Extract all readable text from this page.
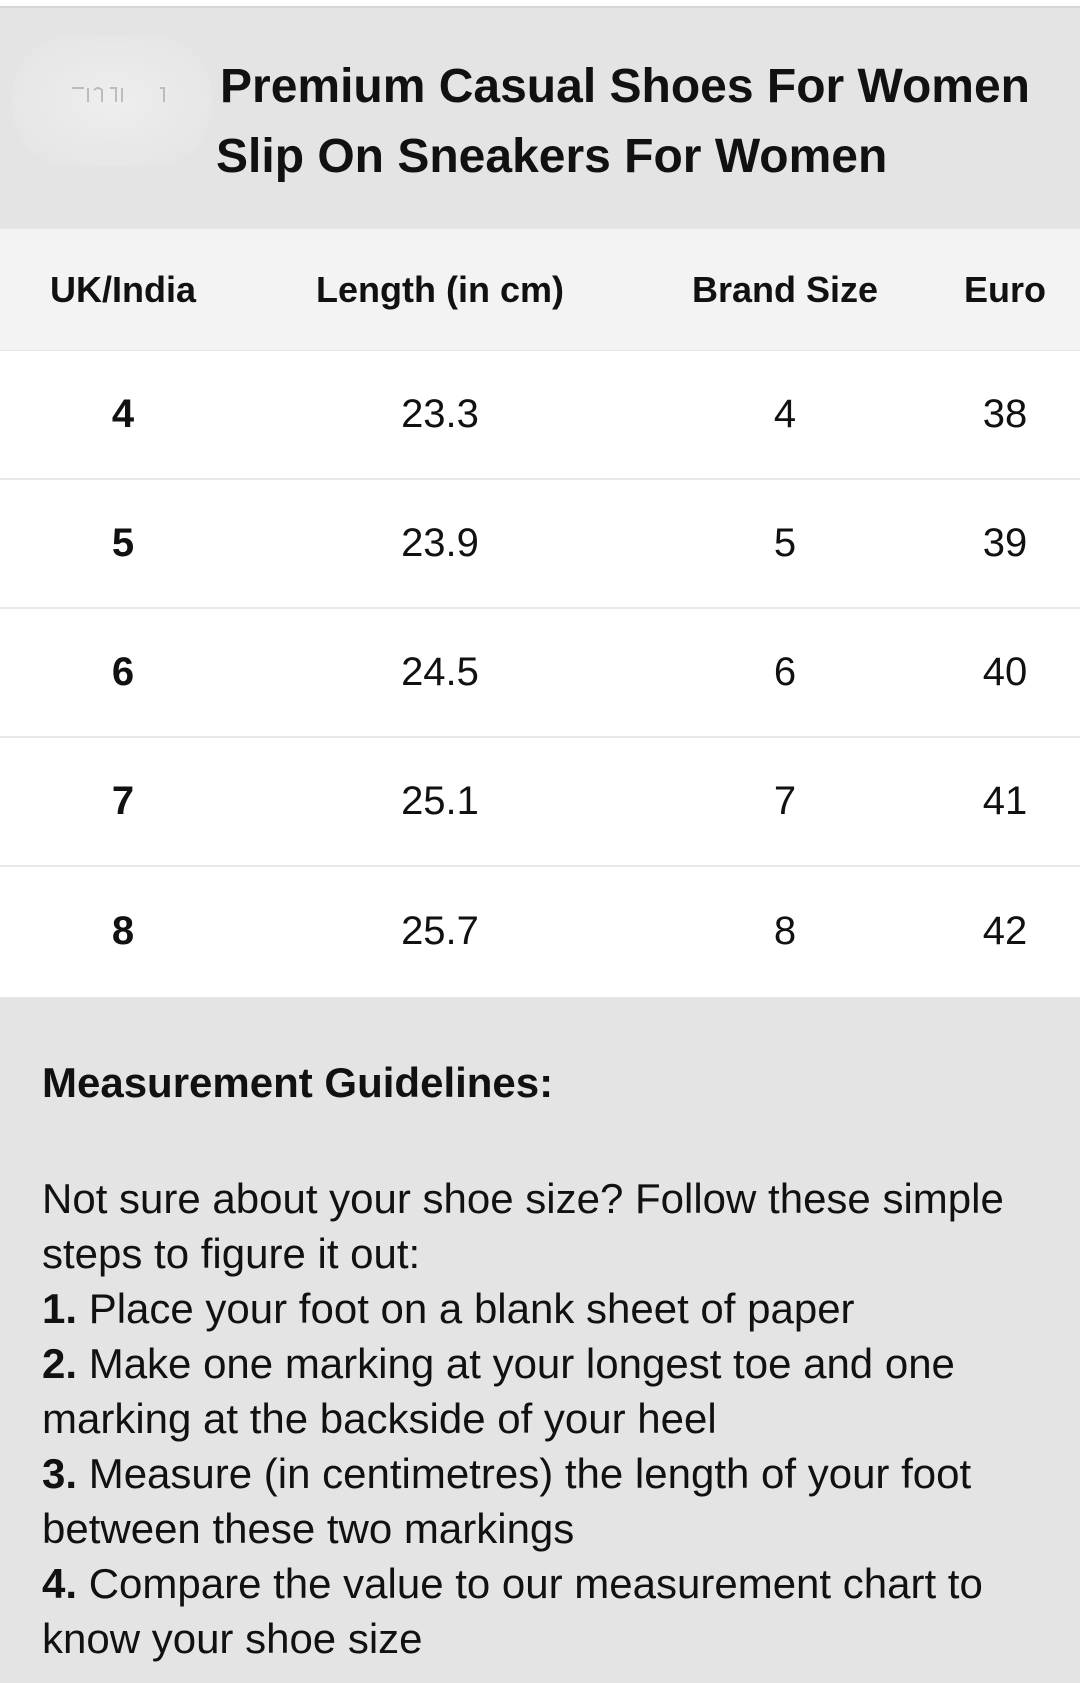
Premium Casual Shoes For Women
Slip On Sneakers For Women
UK/India	Length (in cm)	Brand Size	Euro
4	23.3	4	38
5	23.9	5	39
6	24.5	6	40
7	25.1	7	41
8	25.7	8	42
Measurement Guidelines:

Not sure about your shoe size? Follow these simple steps to figure it out:

1. Place your foot on a blank sheet of paper

2. Make one marking at your longest toe and one marking at the backside of your heel

3. Measure (in centimetres) the length of your foot between these two markings

4. Compare the value to our measurement chart to know your shoe size
